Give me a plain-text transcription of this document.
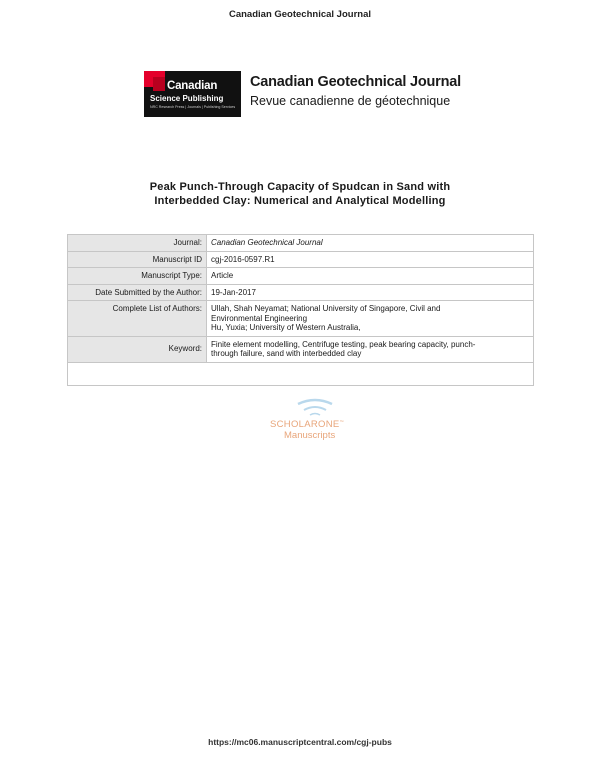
Canadian Geotechnical Journal
Canadian
Science Publishing
NRC Research Press | Journals | Publishing Services
Canadian Geotechnical Journal
Revue canadienne de géotechnique
Peak Punch-Through Capacity of Spudcan in Sand with
Interbedded Clay: Numerical and Analytical Modelling
Journal:	Canadian Geotechnical Journal
Manuscript ID	cgj-2016-0597.R1
Manuscript Type:	Article
Date Submitted by the Author:	19-Jan-2017
Complete List of Authors:	Ullah, Shah Neyamat; National University of Singapore, Civil and
Environmental Engineering
Hu, Yuxia; University of Western Australia,

Keyword:	Finite element modelling, Centrifuge testing, peak bearing capacity, punch-
through failure, sand with interbedded clay

SCHOLARONE™
Manuscripts
https://mc06.manuscriptcentral.com/cgj-pubs
